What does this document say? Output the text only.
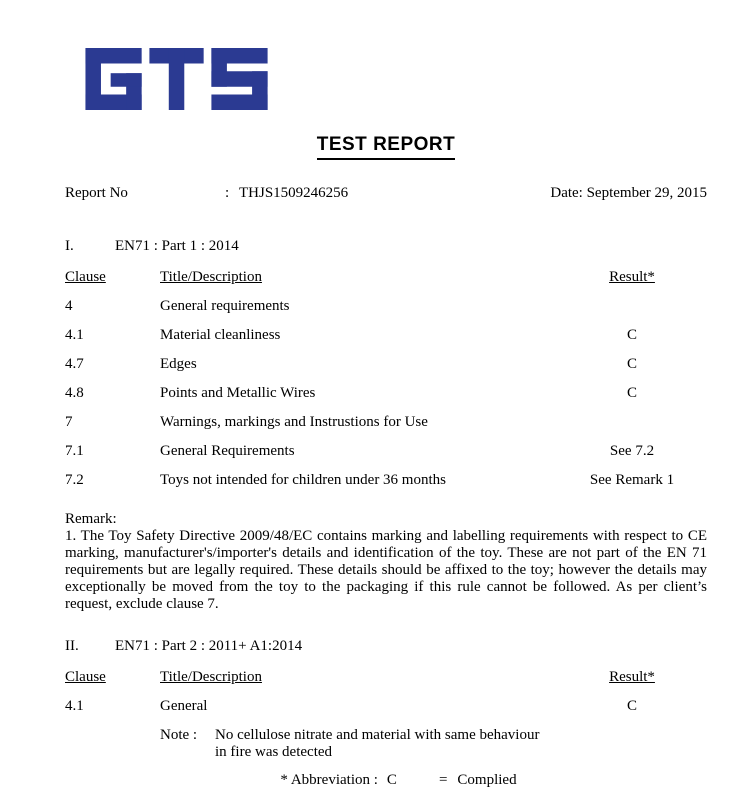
TEST REPORT
Report No	: THJS1509246256	Date: September 29, 2015
I.	EN71 : Part 1 : 2014
Clause	Title/Description	Result*
4	General requirements
4.1	Material cleanliness	C
4.7	Edges	C
4.8	Points and Metallic Wires	C
7	Warnings, markings and Instrustions for Use
7.1	General Requirements	See 7.2
7.2	Toys not intended for children under 36 months	See Remark 1
Remark:
1. The Toy Safety Directive 2009/48/EC contains marking and labelling requirements with respect to CE marking, manufacturer's/importer's details and identification of the toy. These are not part of the EN 71 requirements but are legally required. These details should be affixed to the toy; however the details may exceptionally be moved from the toy to the packaging if this rule cannot be followed. As per client’s request, exclude clause 7.
II.	EN71 : Part 2 : 2011+ A1:2014
Clause	Title/Description	Result*
4.1	General	C
Note :	No cellulose nitrate and material with same behaviour
in fire was detected
* Abbreviation : C	= Complied
